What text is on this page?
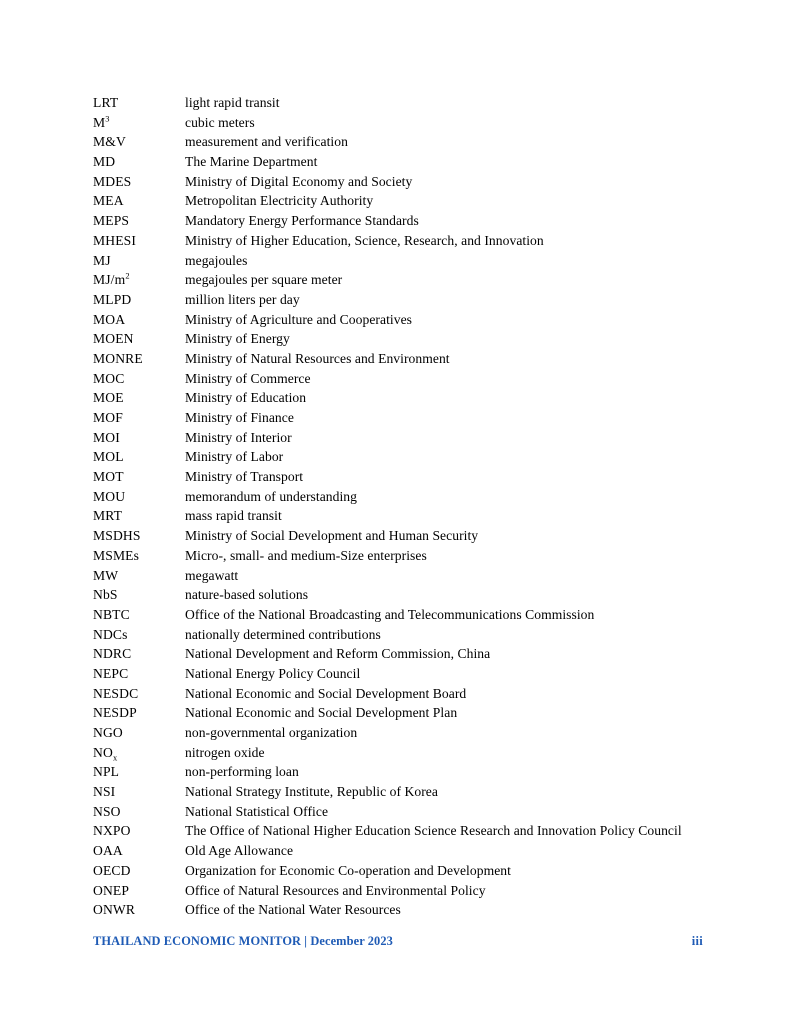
LRT	light rapid transit
$M^3$	cubic meters
M&V	measurement and verification
MD	The Marine Department
MDES	Ministry of Digital Economy and Society
MEA	Metropolitan Electricity Authority
MEPS	Mandatory Energy Performance Standards
MHESI	Ministry of Higher Education, Science, Research, and Innovation
MJ	megajoules
$MJ/m^2$	megajoules per square meter
MLPD	million liters per day
MOA	Ministry of Agriculture and Cooperatives
MOEN	Ministry of Energy
MONRE	Ministry of Natural Resources and Environment
MOC	Ministry of Commerce
MOE	Ministry of Education
MOF	Ministry of Finance
MOI	Ministry of Interior
MOL	Ministry of Labor
MOT	Ministry of Transport
MOU	memorandum of understanding
MRT	mass rapid transit
MSDHS	Ministry of Social Development and Human Security
MSMEs	Micro-, small- and medium-Size enterprises
MW	megawatt
NbS	nature-based solutions
NBTC	Office of the National Broadcasting and Telecommunications Commission
NDCs	nationally determined contributions
NDRC	National Development and Reform Commission, China
NEPC	National Energy Policy Council
NESDC	National Economic and Social Development Board
NESDP	National Economic and Social Development Plan
NGO	non-governmental organization
$NO_x$	nitrogen oxide
NPL	non-performing loan
NSI	National Strategy Institute, Republic of Korea
NSO	National Statistical Office
NXPO	The Office of National Higher Education Science Research and Innovation Policy Council
OAA	Old Age Allowance
OECD	Organization for Economic Co-operation and Development
ONEP	Office of Natural Resources and Environmental Policy
ONWR	Office of the National Water Resources
THAILAND ECONOMIC MONITOR | December 2023	iii
